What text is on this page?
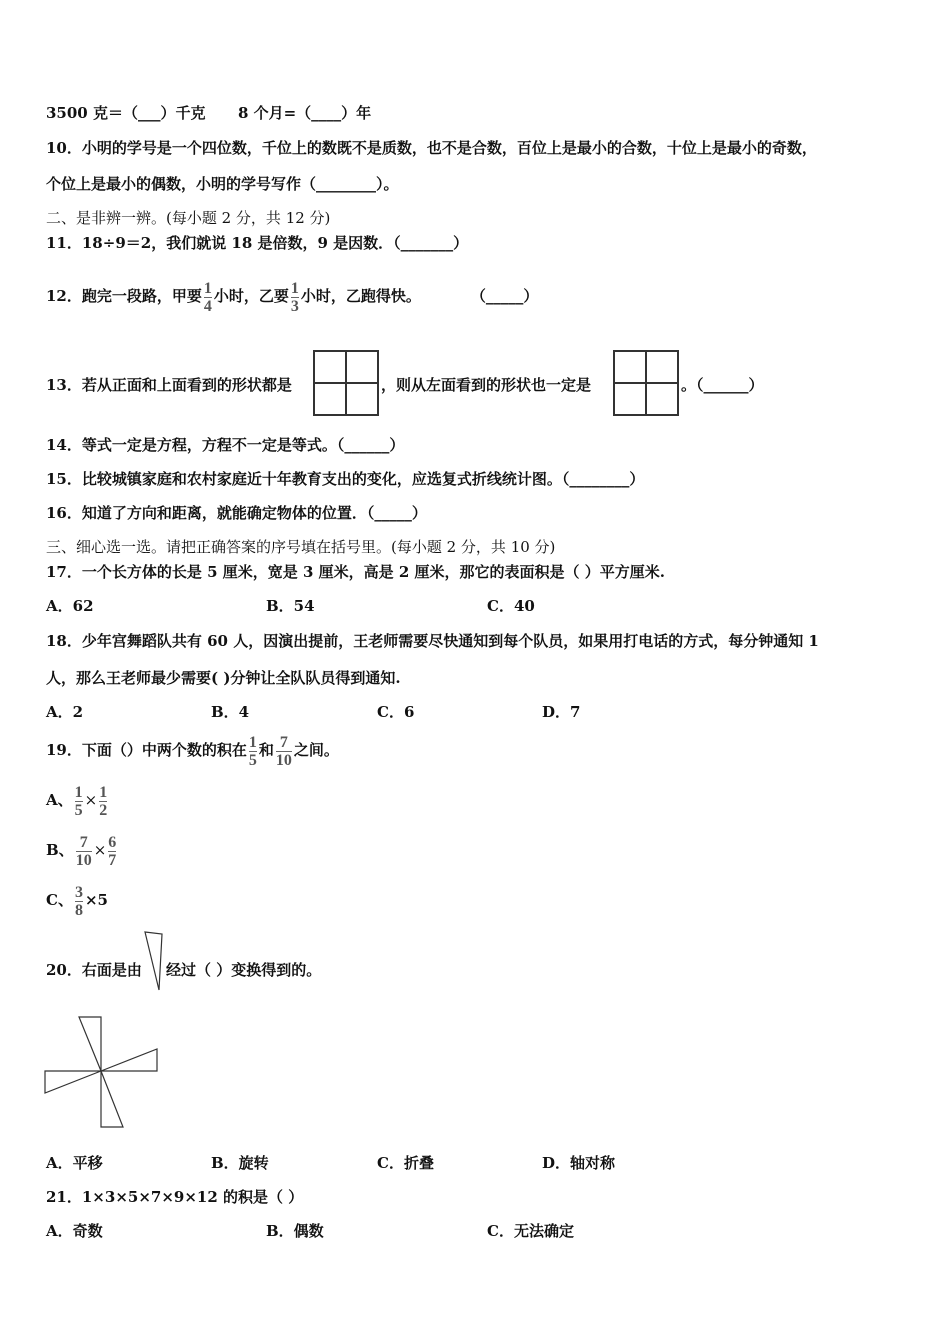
3500 克＝（___）千克 8 个月=（____）年
10．小明的学号是一个四位数，千位上的数既不是质数，也不是合数，百位上是最小的合数，十位上是最小的奇数，
个位上是最小的偶数，小明的学号写作（________）。
二、是非辨一辨。(每小题 2 分，共 12 分)
11．18÷9＝2，我们就说 18 是倍数，9 是因数．（_______）
12．跑完一段路，甲要 $\frac{1}{4}$ 小时，乙要 $\frac{1}{3}$ 小时，乙跑得快。	（_____）
13．若从正面和上面看到的形状都是	，则从左面看到的形状也一定是	。（______）
14．等式一定是方程，方程不一定是等式。（______）
15．比较城镇家庭和农村家庭近十年教育支出的变化，应选复式折线统计图。（________）
16．知道了方向和距离，就能确定物体的位置．（_____）
三、细心选一选。请把正确答案的序号填在括号里。(每小题 2 分，共 10 分)
17．一个长方体的长是 5 厘米，宽是 3 厘米，高是 2 厘米，那它的表面积是（ ）平方厘米.
A．62	B．54	C．40
18．少年宫舞蹈队共有 60 人，因演出提前，王老师需要尽快通知到每个队员，如果用打电话的方式，每分钟通知 1
人，那么王老师最少需要( )分钟让全队队员得到通知.
A．2	B．4	C．6	D．7
19．下面（）中两个数的积在 $\frac{1}{5}$ 和 $\frac{7}{10}$ 之间。
A、 $\frac{1}{5} \times \frac{1}{2}$
B、 $\frac{7}{10} \times \frac{6}{7}$
C、 $\frac{3}{8} \times 5$
20．右面是由 经过（ ）变换得到的。
A．平移	B．旋转	C．折叠	D．轴对称
21．1×3×5×7×9×12 的积是（ ）
A．奇数	B．偶数	C．无法确定
